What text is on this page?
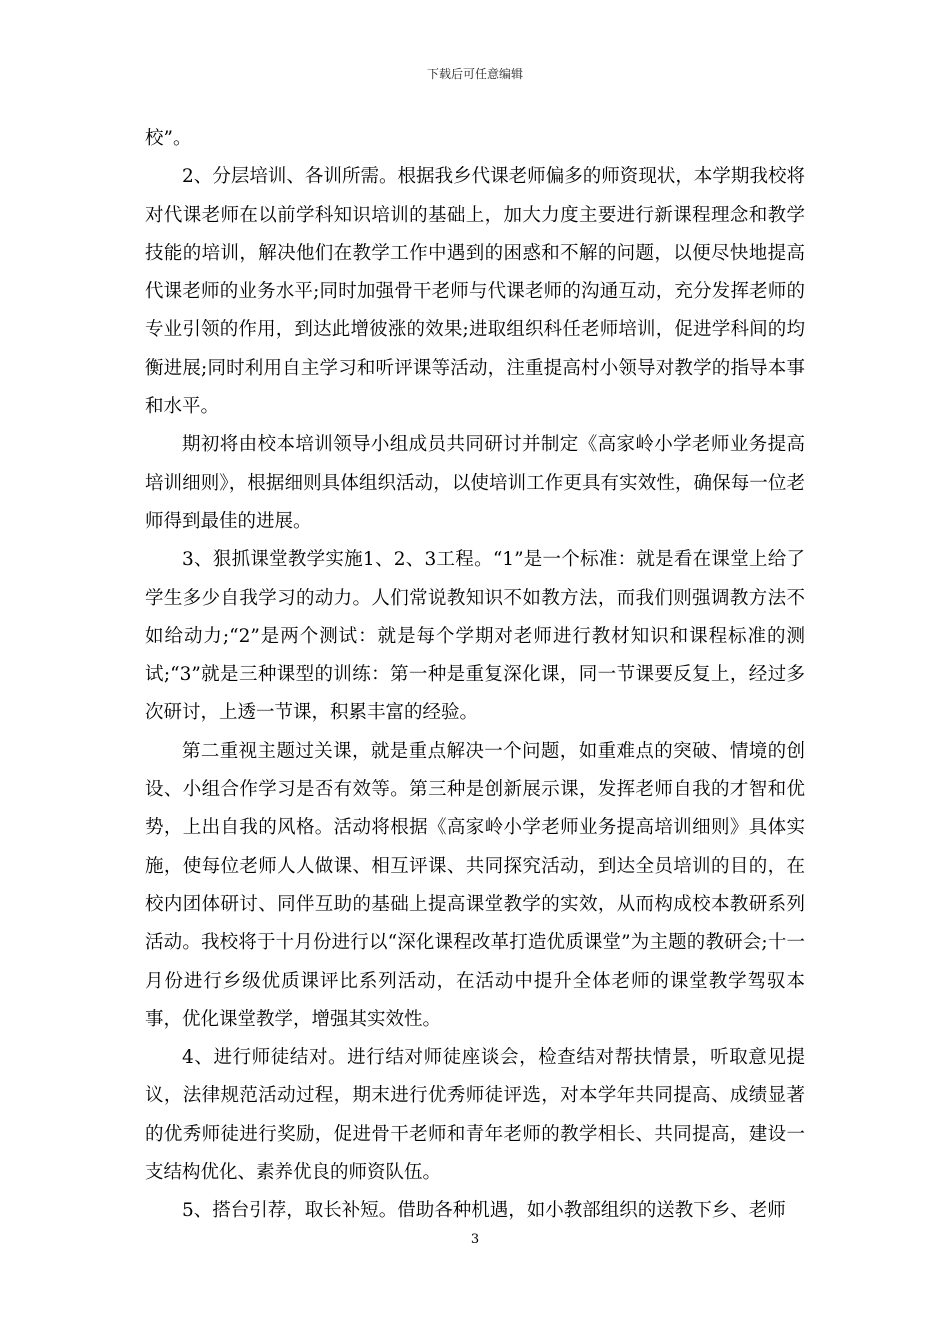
下载后可任意编辑

校”。

2、分层培训、各训所需。根据我乡代课老师偏多的师资现状，本学期我校将对代课老师在以前学科知识培训的基础上，加大力度主要进行新课程理念和教学技能的培训，解决他们在教学工作中遇到的困惑和不解的问题，以便尽快地提高代课老师的业务水平;同时加强骨干老师与代课老师的沟通互动，充分发挥老师的专业引领的作用，到达此增彼涨的效果;进取组织科任老师培训，促进学科间的均衡进展;同时利用自主学习和听评课等活动，注重提高村小领导对教学的指导本事和水平。

期初将由校本培训领导小组成员共同研讨并制定《高家岭小学老师业务提高培训细则》，根据细则具体组织活动，以使培训工作更具有实效性，确保每一位老师得到最佳的进展。

3、狠抓课堂教学实施1、2、3工程。“1”是一个标准：就是看在课堂上给了学生多少自我学习的动力。人们常说教知识不如教方法，而我们则强调教方法不如给动力;“2”是两个测试：就是每个学期对老师进行教材知识和课程标准的测试;“3”就是三种课型的训练：第一种是重复深化课，同一节课要反复上，经过多次研讨，上透一节课，积累丰富的经验。

第二重视主题过关课，就是重点解决一个问题，如重难点的突破、情境的创设、小组合作学习是否有效等。第三种是创新展示课，发挥老师自我的才智和优势，上出自我的风格。活动将根据《高家岭小学老师业务提高培训细则》具体实施，使每位老师人人做课、相互评课、共同探究活动，到达全员培训的目的，在校内团体研讨、同伴互助的基础上提高课堂教学的实效，从而构成校本教研系列活动。我校将于十月份进行以“深化课程改革打造优质课堂”为主题的教研会;十一月份进行乡级优质课评比系列活动，在活动中提升全体老师的课堂教学驾驭本事，优化课堂教学，增强其实效性。

4、进行师徒结对。进行结对师徒座谈会，检查结对帮扶情景，听取意见提议，法律规范活动过程，期末进行优秀师徒评选，对本学年共同提高、成绩显著的优秀师徒进行奖励，促进骨干老师和青年老师的教学相长、共同提高，建设一支结构优化、素养优良的师资队伍。

5、搭台引荐，取长补短。借助各种机遇，如小教部组织的送教下乡、老师

3
